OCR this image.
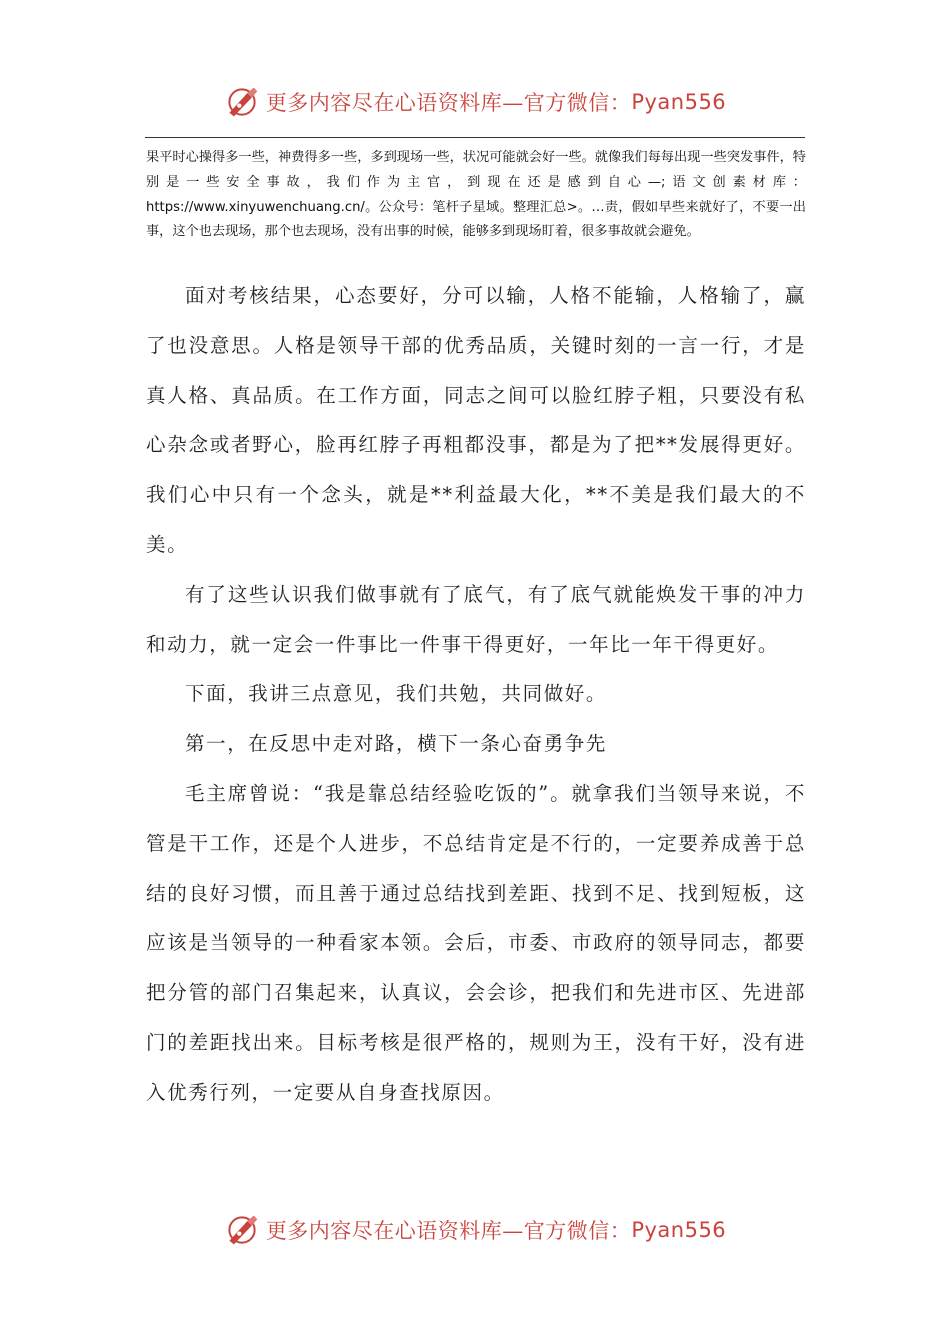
更多内容尽在心语资料库—官方微信： Pyan556
果平时心操得多一些，神费得多一些，多到现场一些，状况可能就会好一些。就像我们每每出现一些突发事件，特别是一些安全事故，我们作为主官，到现在还是感到自心—;语文创素材库：https://www.xinyuwenchuang.cn/。公众号：笔杆子星域。整理汇总>。…责，假如早些来就好了，不要一出事，这个也去现场，那个也去现场，没有出事的时候，能够多到现场盯着，很多事故就会避免。

面对考核结果，心态要好，分可以输，人格不能输，人格输了，赢了也没意思。人格是领导干部的优秀品质，关键时刻的一言一行，才是真人格、真品质。在工作方面，同志之间可以脸红脖子粗，只要没有私心杂念或者野心，脸再红脖子再粗都没事，都是为了把**发展得更好。我们心中只有一个念头，就是**利益最大化，**不美是我们最大的不美。

有了这些认识我们做事就有了底气，有了底气就能焕发干事的冲力和动力，就一定会一件事比一件事干得更好，一年比一年干得更好。

下面，我讲三点意见，我们共勉，共同做好。

第一，在反思中走对路，横下一条心奋勇争先

毛主席曾说：“我是靠总结经验吃饭的”。就拿我们当领导来说，不管是干工作，还是个人进步，不总结肯定是不行的，一定要养成善于总结的良好习惯，而且善于通过总结找到差距、找到不足、找到短板，这应该是当领导的一种看家本领。会后，市委、市政府的领导同志，都要把分管的部门召集起来，认真议，会会诊，把我们和先进市区、先进部门的差距找出来。目标考核是很严格的，规则为王，没有干好，没有进入优秀行列，一定要从自身查找原因。

更多内容尽在心语资料库—官方微信： Pyan556
